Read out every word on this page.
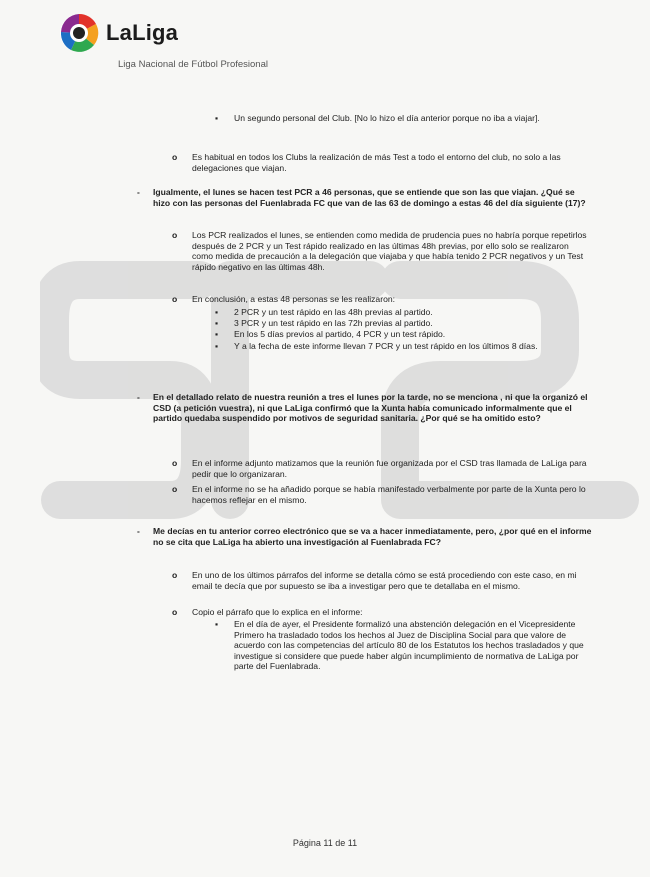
LaLiga
Liga Nacional de Fútbol Profesional
▪ Un segundo personal del Club. [No lo hizo el día anterior porque no iba a viajar].
o Es habitual en todos los Clubs la realización de más Test a todo el entorno del club, no solo a las delegaciones que viajan.
- Igualmente, el lunes se hacen test PCR a 46 personas, que se entiende que son las que viajan. ¿Qué se hizo con las personas del Fuenlabrada FC que van de las 63 de domingo a estas 46 del día siguiente (17)?
o Los PCR realizados el lunes, se entienden como medida de prudencia pues no habría porque repetirlos después de 2 PCR y un Test rápido realizado en las últimas 48h previas, por ello solo se realizaron como medida de precaución a la delegación que viajaba y que había tenido 2 PCR negativos y un Test rápido negativo en las últimas 48h.
o En conclusión, a estas 48 personas se les realizaron:
▪ 2 PCR y un test rápido en las 48h previas al partido.
▪ 3 PCR y un test rápido en las 72h previas al partido.
▪ En los 5 días previos al partido, 4 PCR y un test rápido.
▪ Y a la fecha de este informe llevan 7 PCR y un test rápido en los últimos 8 días.
- En el detallado relato de nuestra reunión a tres el lunes por la tarde, no se menciona , ni que la organizó el CSD (a petición vuestra), ni que LaLiga confirmó que la Xunta había comunicado informalmente que el partido quedaba suspendido por motivos de seguridad sanitaria. ¿Por qué se ha omitido esto?
o En el informe adjunto matizamos que la reunión fue organizada por el CSD tras llamada de LaLiga para pedir que lo organizaran.
o En el informe no se ha añadido porque se había manifestado verbalmente por parte de la Xunta pero lo hacemos reflejar en el mismo.
- Me decías en tu anterior correo electrónico que se va a hacer inmediatamente, pero, ¿por qué en el informe no se cita que LaLiga ha abierto una investigación al Fuenlabrada FC?
o En uno de los últimos párrafos del informe se detalla cómo se está procediendo con este caso, en mi email te decía que por supuesto se iba a investigar pero que te detallaba en el mismo.
o Copio el párrafo que lo explica en el informe:
▪ En el día de ayer, el Presidente formalizó una abstención delegación en el Vicepresidente Primero ha trasladado todos los hechos al Juez de Disciplina Social para que valore de acuerdo con las competencias del artículo 80 de los Estatutos los hechos trasladados y que investigue si considere que puede haber algún incumplimiento de normativa de LaLiga por parte del Fuenlabrada.
Página 11 de 11
